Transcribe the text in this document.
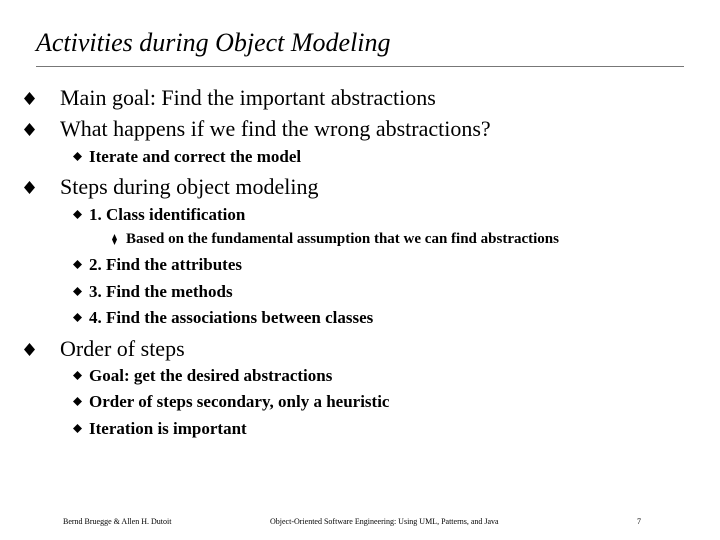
Activities during Object Modeling
Main goal: Find the important abstractions
What happens if we find the wrong abstractions?
Iterate and correct the model
Steps during object modeling
1. Class identification
Based on the fundamental assumption that we can find abstractions
2. Find the attributes
3. Find the methods
4. Find the associations between classes
Order of steps
Goal: get the desired abstractions
Order of steps secondary, only a heuristic
Iteration is important
Bernd Bruegge & Allen H. Dutoit	Object-Oriented Software Engineering: Using UML, Patterns, and Java	7
